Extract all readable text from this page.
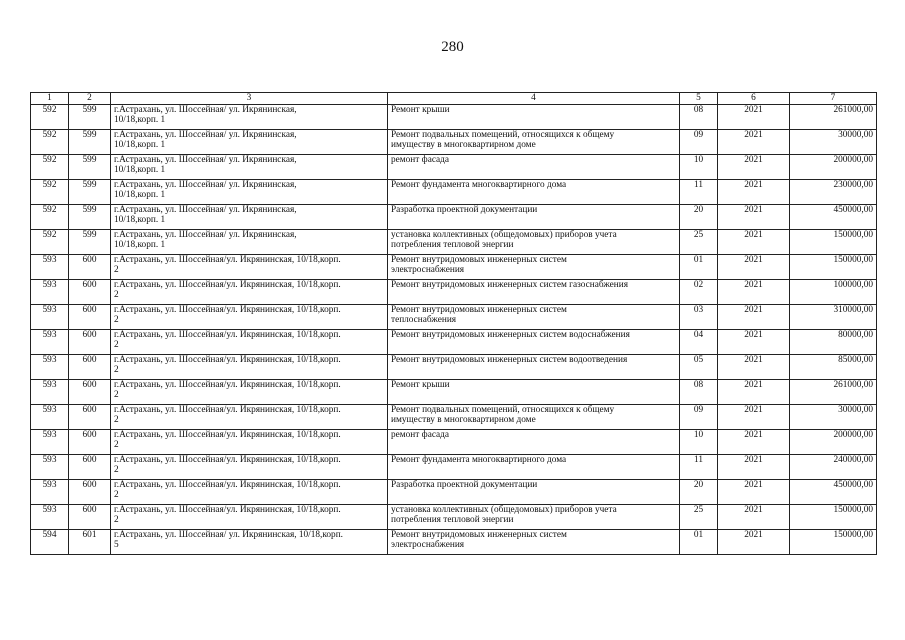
280
1	2	3	4	5	6	7
592	599	г.Астрахань, ул. Шоссейная/ ул. Икрянинская,
10/18,корп. 1	Ремонт крыши	08	2021	261000,00
592	599	г.Астрахань, ул. Шоссейная/ ул. Икрянинская,
10/18,корп. 1	Ремонт подвальных помещений, относящихся к общему
имуществу в многоквартирном доме	09	2021	30000,00
592	599	г.Астрахань, ул. Шоссейная/ ул. Икрянинская,
10/18,корп. 1	ремонт фасада	10	2021	200000,00
592	599	г.Астрахань, ул. Шоссейная/ ул. Икрянинская,
10/18,корп. 1	Ремонт фундамента многоквартирного дома	11	2021	230000,00
592	599	г.Астрахань, ул. Шоссейная/ ул. Икрянинская,
10/18,корп. 1	Разработка проектной документации	20	2021	450000,00
592	599	г.Астрахань, ул. Шоссейная/ ул. Икрянинская,
10/18,корп. 1	установка коллективных (общедомовых) приборов учета
потребления тепловой энергии	25	2021	150000,00
593	600	г.Астрахань, ул. Шоссейная/ул. Икрянинская, 10/18,корп.
2	Ремонт внутридомовых инженерных систем
электроснабжения	01	2021	150000,00
593	600	г.Астрахань, ул. Шоссейная/ул. Икрянинская, 10/18,корп.
2	Ремонт внутридомовых инженерных систем газоснабжения	02	2021	100000,00
593	600	г.Астрахань, ул. Шоссейная/ул. Икрянинская, 10/18,корп.
2	Ремонт внутридомовых инженерных систем
теплоснабжения	03	2021	310000,00
593	600	г.Астрахань, ул. Шоссейная/ул. Икрянинская, 10/18,корп.
2	Ремонт внутридомовых инженерных систем водоснабжения	04	2021	80000,00
593	600	г.Астрахань, ул. Шоссейная/ул. Икрянинская, 10/18,корп.
2	Ремонт внутридомовых инженерных систем водоотведения	05	2021	85000,00
593	600	г.Астрахань, ул. Шоссейная/ул. Икрянинская, 10/18,корп.
2	Ремонт крыши	08	2021	261000,00
593	600	г.Астрахань, ул. Шоссейная/ул. Икрянинская, 10/18,корп.
2	Ремонт подвальных помещений, относящихся к общему
имуществу в многоквартирном доме	09	2021	30000,00
593	600	г.Астрахань, ул. Шоссейная/ул. Икрянинская, 10/18,корп.
2	ремонт фасада	10	2021	200000,00
593	600	г.Астрахань, ул. Шоссейная/ул. Икрянинская, 10/18,корп.
2	Ремонт фундамента многоквартирного дома	11	2021	240000,00
593	600	г.Астрахань, ул. Шоссейная/ул. Икрянинская, 10/18,корп.
2	Разработка проектной документации	20	2021	450000,00
593	600	г.Астрахань, ул. Шоссейная/ул. Икрянинская, 10/18,корп.
2	установка коллективных (общедомовых) приборов учета
потребления тепловой энергии	25	2021	150000,00
594	601	г.Астрахань, ул. Шоссейная/ ул. Икрянинская, 10/18,корп.
5	Ремонт внутридомовых инженерных систем
электроснабжения	01	2021	150000,00
